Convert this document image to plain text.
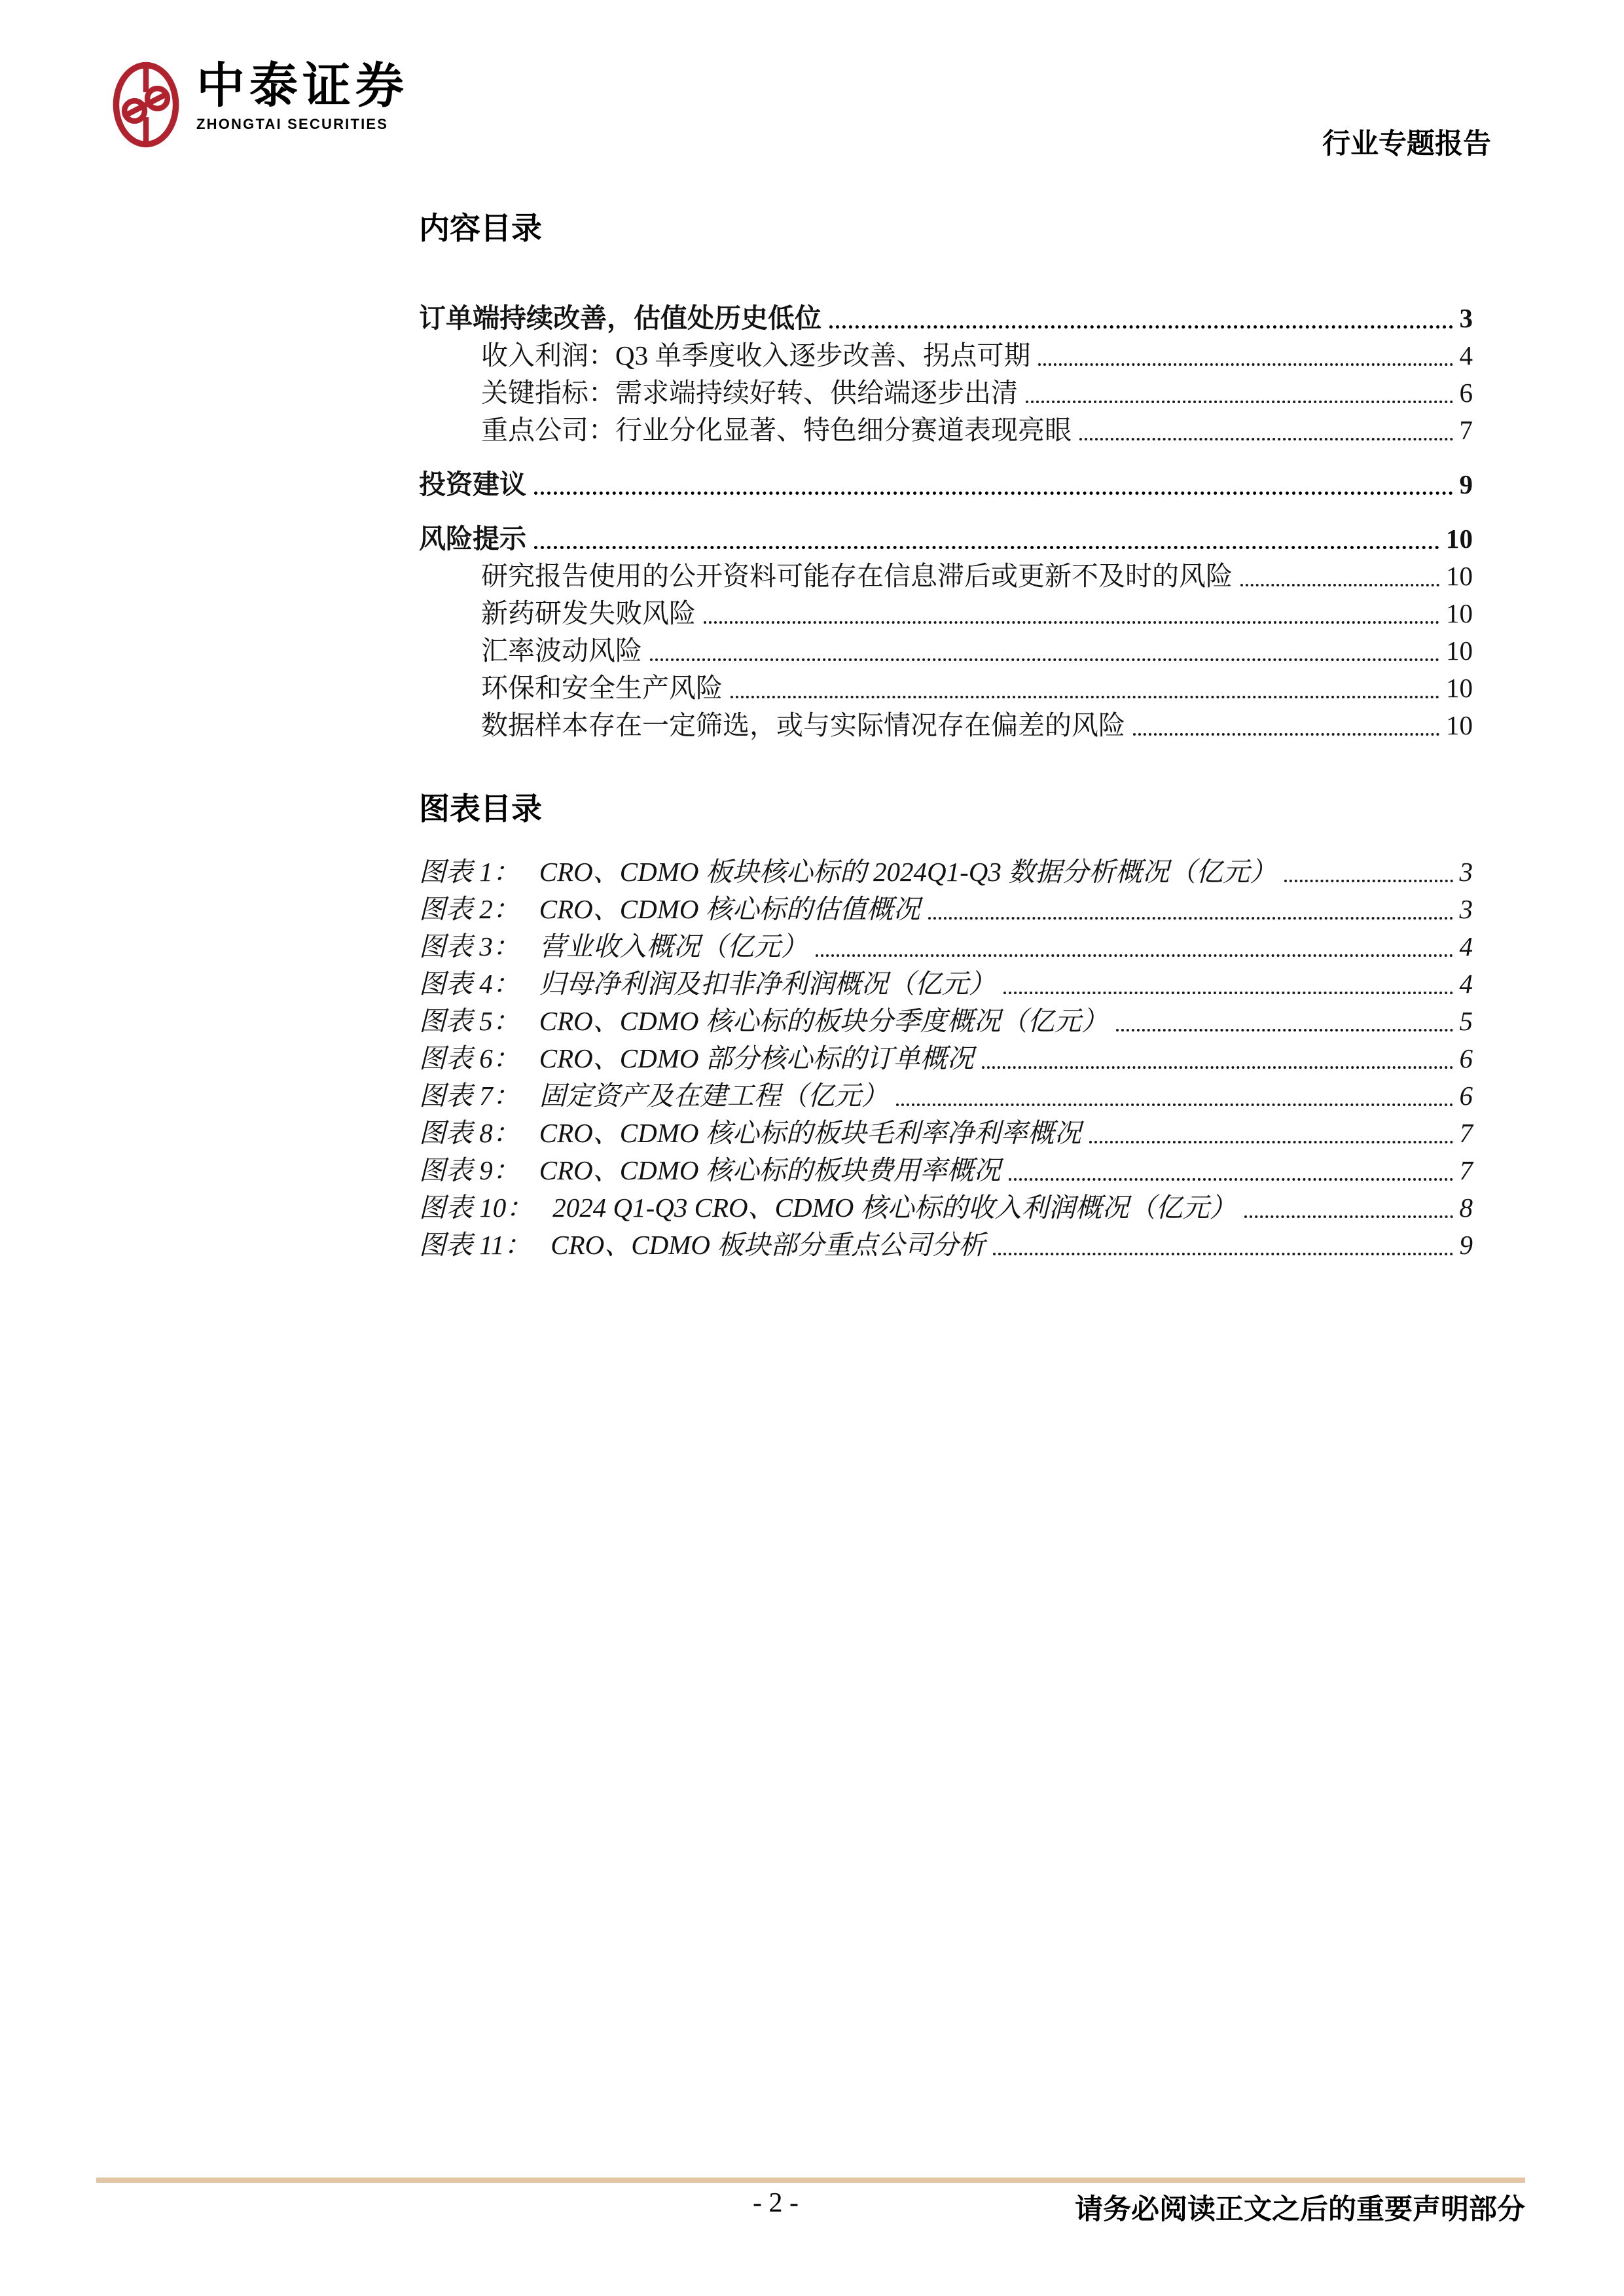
中泰证券
ZHONGTAI SECURITIES
行业专题报告
内容目录
订单端持续改善，估值处历史低位	3
收入利润：Q3 单季度收入逐步改善、拐点可期	4
关键指标：需求端持续好转、供给端逐步出清	6
重点公司：行业分化显著、特色细分赛道表现亮眼	7
投资建议	9
风险提示	10
研究报告使用的公开资料可能存在信息滞后或更新不及时的风险	10
新药研发失败风险	10
汇率波动风险	10
环保和安全生产风险	10
数据样本存在一定筛选，或与实际情况存在偏差的风险	10
图表目录
图表 1： CRO、CDMO 板块核心标的 2024Q1-Q3 数据分析概况（亿元）	3
图表 2： CRO、CDMO 核心标的估值概况	3
图表 3： 营业收入概况（亿元）	4
图表 4： 归母净利润及扣非净利润概况（亿元）	4
图表 5： CRO、CDMO 核心标的板块分季度概况（亿元）	5
图表 6： CRO、CDMO 部分核心标的订单概况	6
图表 7： 固定资产及在建工程（亿元）	6
图表 8： CRO、CDMO 核心标的板块毛利率净利率概况	7
图表 9： CRO、CDMO 核心标的板块费用率概况	7
图表 10： 2024 Q1-Q3 CRO、CDMO 核心标的收入利润概况（亿元）	8
图表 11： CRO、CDMO 板块部分重点公司分析	9
- 2 -	请务必阅读正文之后的重要声明部分
